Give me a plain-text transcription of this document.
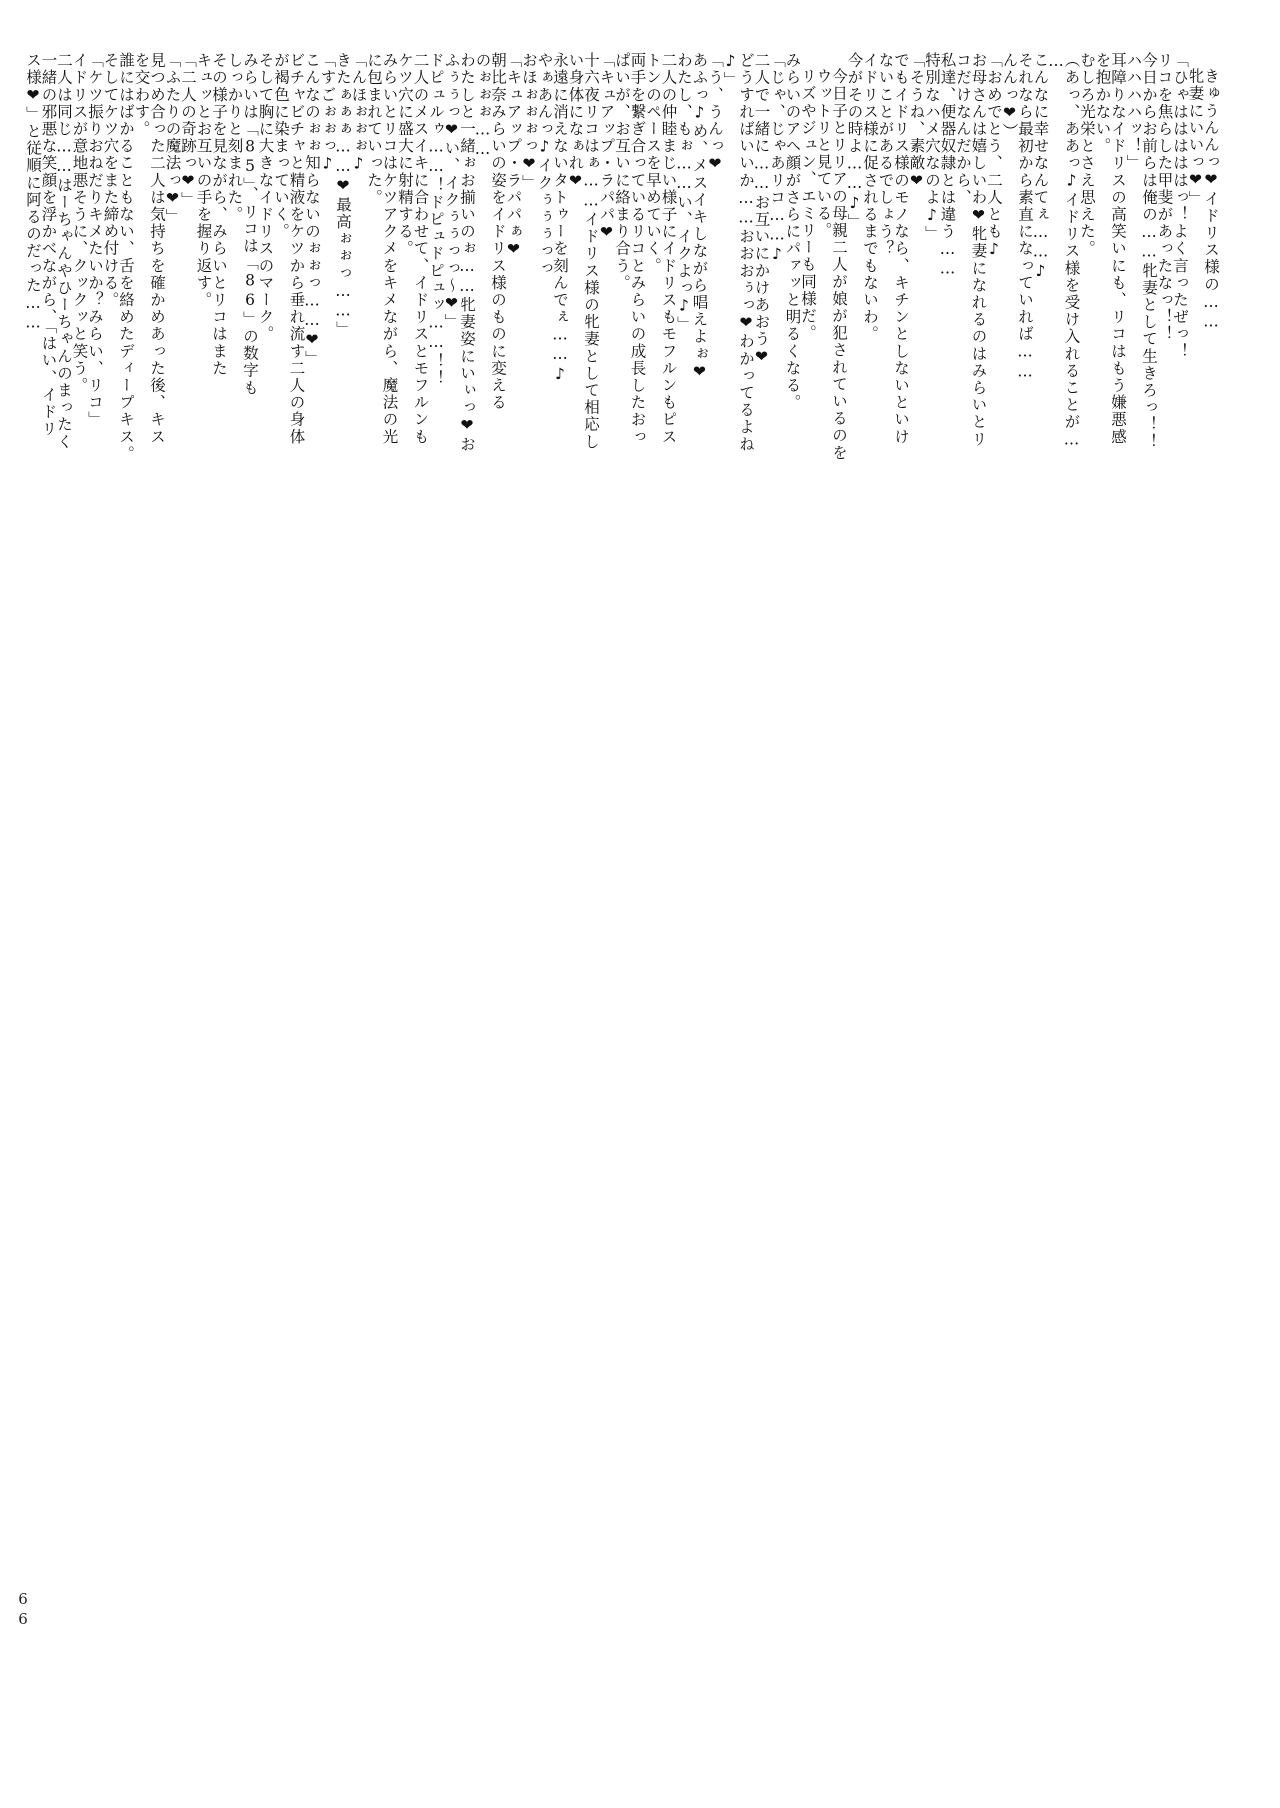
きゅうんんっ❤イドリス様の……
牝妻にいいっ❤」
「ひゃはははははっ！よく言ったぜっ！
リコを焦らした甲斐があったなっ！！
今日からお前らは俺の……牝妻として生きろっ！！
ハハハハッ！」
耳障りなイドリスの高笑いにも、リコはもう嫌悪感
を抱かない。
むしろ光栄とさえ思えた。
（あっ、ああっ♪イドリス様を受け入れることが…
…
こんなに幸せなんてぇ……♪
それなら最初から素直になっていれば……
んんっ❤）
「おめでとう、二人とも♪
お母さんは嬉しいわ❤牝妻になれるのはみらいとリ
コだけなんだから、
私達、便器奴隷とは違う……
特別なハメ穴なのよ♪」
「そうね、素敵❤
でもイドリス様のモノなら、キチンとしないといけ
ないことがあるでしょう？
イドリス様に促されるまでもないわ。
今がその時よ……♪」
今日子とリリアの母親二人が娘が犯されているのを
ウットリと見ている。
リズやジュン、エミリーも同様だ。
みらいのアヘ顔がさらにパァッと明るくなる。
「じゃ、じゃあリコ……♪
二人で一緒に……お互いにかけあおう❤
どうすればいいか……おおおぅっ❤わかってるよね
♪」
「う、うんっ❤
あふっ♪め、メスイキしながら唱えよぉ❤
わたし、もぉ……い、イクよっ♪」
二人の仲睦まじい様子にイドリスもモフルンもピス
トンのペースを早めていく。
両手を繋ぎ合っているリコとみらいの成長したおっ
ぱいが、お互いに絡まり合う。
「キュアップ・ラパパ❤
十六夜リコはぁ……イドリス様の牝妻として相応し
い身体になぁれ❤
永遠に消えないタトゥーを刻んでぇ……♪
やぁあんっ♪イクぅぅぅっっ
おほぉぉぉっ❤」
「キュアップ・ラパパぁ❤
朝比奈みらいの姿をイドリス様のものに変える
のぉぉぉ……
わたしと一緒ぉお揃いのぉ……牝妻姿にいぃっ❤お
ふぅぅっ❤い、イクぅぅっっ〜❤」
ドピュルゥ……！ドピュドピュッ……！！
二人のメスイキに合わせて、イドリスとモフルンも
ケツ穴に盛大に射精する。
みらいとリコはケツアクメをキメながら、魔法の光
に包まれていった。
「んほぉぉぉ♪
きたぁぁぁ……❤最高ぉぉっ……」
「すごぉぉっ♪
こんなのぉぉ知らないのぉぉっ……❤」
ビチャビチャと精液をケツから垂れ流す二人の身体
が褐色に染まっていく。
そして胸に大きなイドリスのマーク。
みらいは「85」、リコは「86」の数字も
しっかりと刻まれた。
その様子を見ながら、みらいとリコはまた
キュッとお互いの手を握り返す。
「二人の奇跡っ❤」
「ふたりの魔法っ❤」
見つめ合った二人は気持ちを確かめあった後、キス
を交わす。
誰にはばかることもない、舌を絡めたディープキス。
そしてケツ穴をまた締め付ける。
「ケツ振りおねだりキメたいか？みらい、リコ」
イドリスが意地悪そうに、クックッと笑う。
二人は同じ……はーちゃんやひーちゃんのまったく
一緒の邪悪な笑顔を浮かべながら、「はい、イドリ
ス様❤」と従順に阿るのだった……
66
